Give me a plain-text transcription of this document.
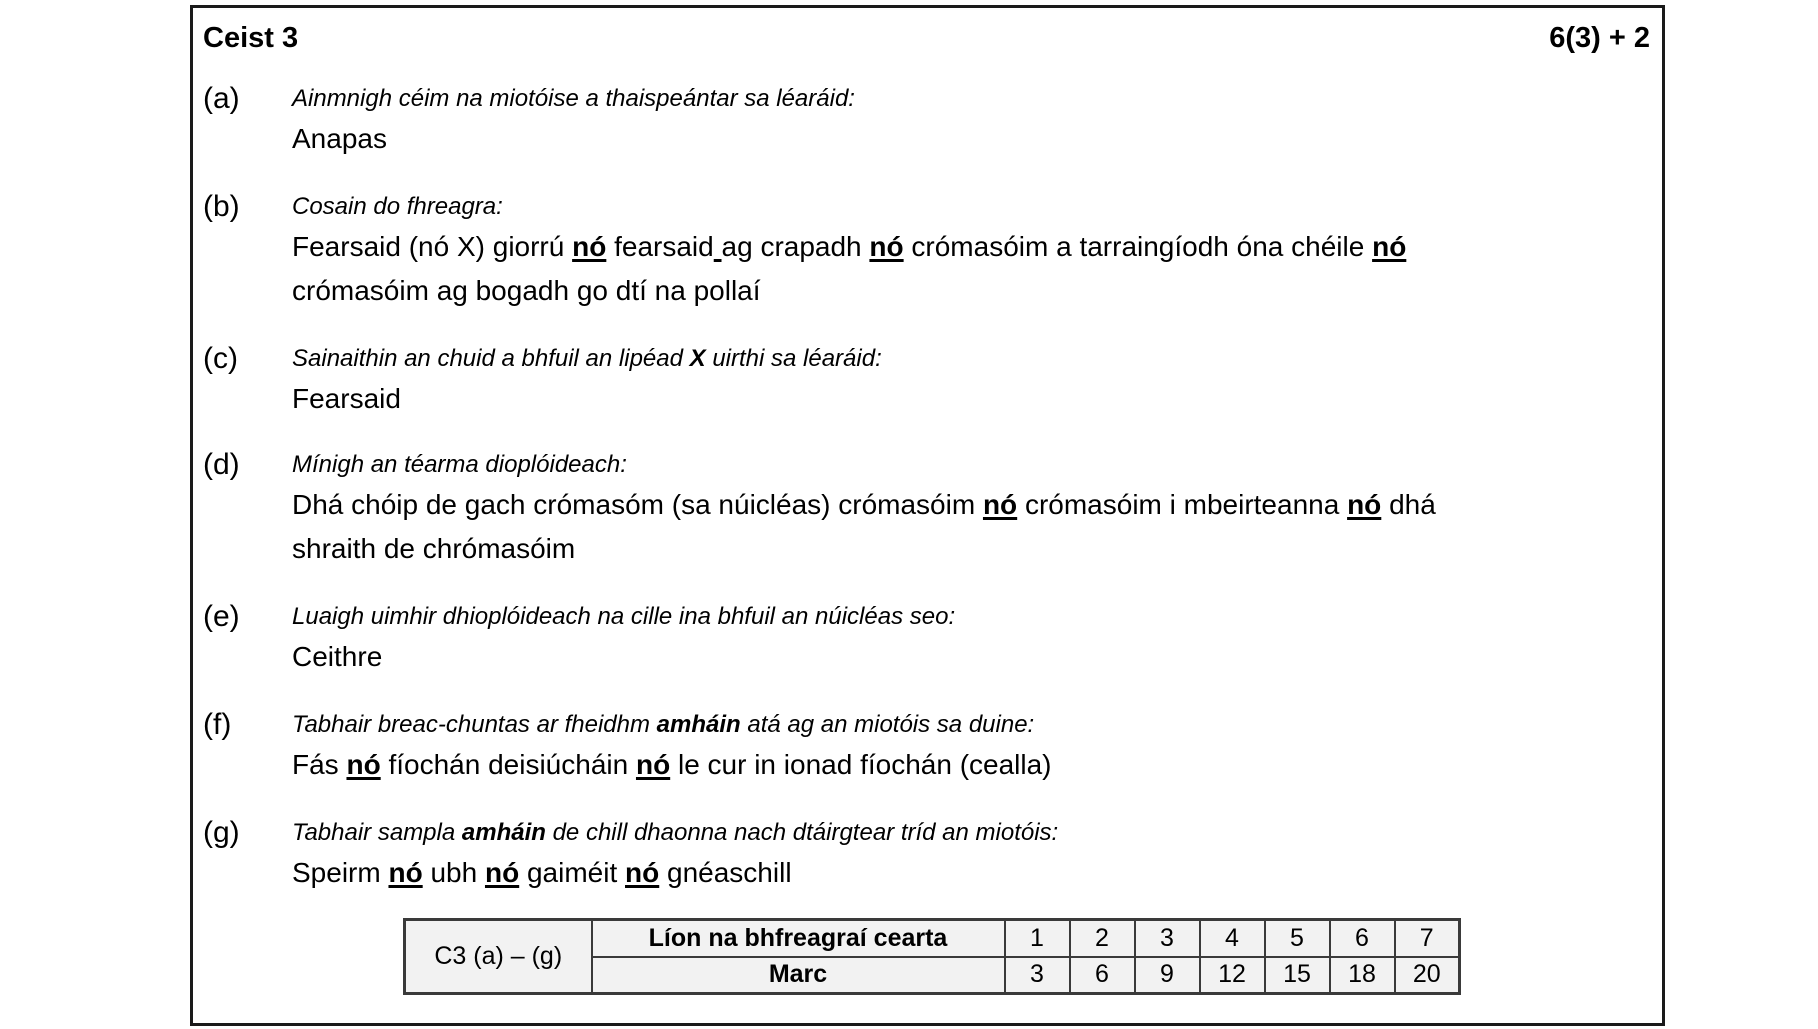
Ceist 3	6(3) + 2
(a)	Ainmnigh céim na miotóise a thaispeántar sa léaráid:
Anapas
(b)	Cosain do fhreagra:
Fearsaid (nó X) giorrú nó fearsaid ag crapadh nó crómasóim a tarraingíodh óna chéile nó
crómasóim ag bogadh go dtí na pollaí
(c)	Sainaithin an chuid a bhfuil an lipéad X uirthi sa léaráid:
Fearsaid
(d)	Mínigh an téarma dioplóideach:
Dhá chóip de gach crómasóm (sa núicléas) crómasóim nó crómasóim i mbeirteanna nó dhá
shraith de chrómasóim
(e)	Luaigh uimhir dhioplóideach na cille ina bhfuil an núicléas seo:
Ceithre
(f)	Tabhair breac-chuntas ar fheidhm amháin atá ag an miotóis sa duine:
Fás nó fíochán deisiúcháin nó le cur in ionad fíochán (cealla)
(g)	Tabhair sampla amháin de chill dhaonna nach dtáirgtear tríd an miotóis:
Speirm nó ubh nó gaiméit nó gnéaschill
C3 (a) – (g)	Líon na bhfreagraí cearta	1	2	3	4	5	6	7
	Marc	3	6	9	12	15	18	20
